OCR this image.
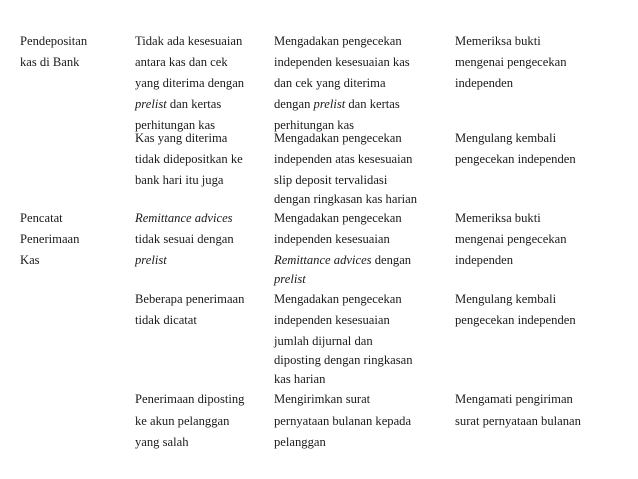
Pendepositan
kas di Bank
Tidak ada kesesuaian
antara kas dan cek
yang diterima dengan
prelist dan kertas
perhitungan kas
Mengadakan pengecekan
independen kesesuaian kas
dan cek yang diterima
dengan prelist dan kertas
perhitungan kas
Memeriksa bukti
mengenai pengecekan
independen
Kas yang diterima
tidak didepositkan ke
bank hari itu juga
Mengadakan pengecekan
independen atas kesesuaian
slip deposit tervalidasi
dengan ringkasan kas harian
Mengulang kembali
pengecekan independen
Pencatat
Penerimaan
Kas
Remittance advices
tidak sesuai dengan
prelist
Mengadakan pengecekan
independen kesesuaian
Remittance advices dengan
prelist
Memeriksa bukti
mengenai pengecekan
independen
Beberapa penerimaan
tidak dicatat
Mengadakan pengecekan
independen kesesuaian
jumlah dijurnal dan
diposting dengan ringkasan
kas harian
Mengulang kembali
pengecekan independen
Penerimaan diposting
ke akun pelanggan
yang salah
Mengirimkan surat
pernyataan bulanan kepada
pelanggan
Mengamati pengiriman
surat pernyataan bulanan
